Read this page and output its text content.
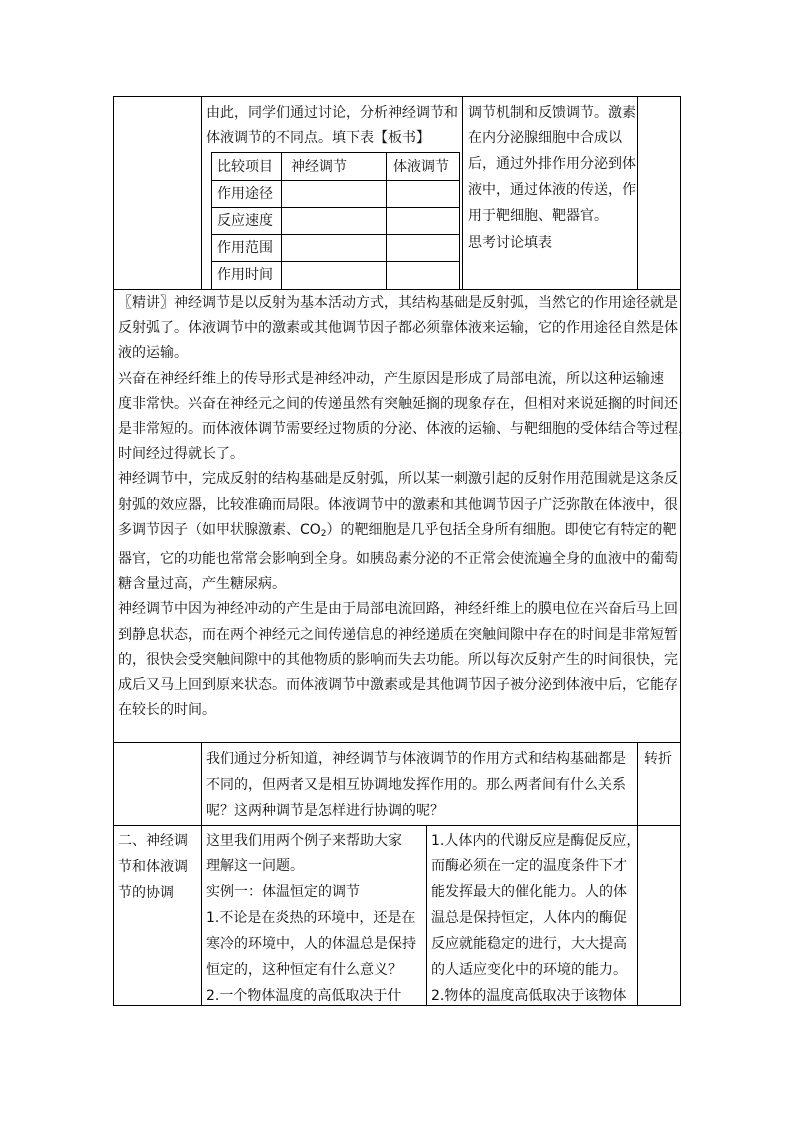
由此，同学们通过讨论，分析神经调节和
体液调节的不同点。填下表【板书】
比较项目 神经调节	体液调节
作用途径
反应速度
作用范围
作用时间
调节机制和反馈调节。激素
在内分泌腺细胞中合成以
后，通过外排作用分泌到体
液中，通过体液的传送，作
用于靶细胞、靶器官。
思考讨论填表

〖精讲〗神经调节是以反射为基本活动方式，其结构基础是反射弧，当然它的作用途径就是

反射弧了。体液调节中的激素或其他调节因子都必须靠体液来运输，它的作用途径自然是体

液的运输。

兴奋在神经纤维上的传导形式是神经冲动，产生原因是形成了局部电流，所以这种运输速

度非常快。兴奋在神经元之间的传递虽然有突触延搁的现象存在，但相对来说延搁的时间还

是非常短的。而体液体调节需要经过物质的分泌、体液的运输、与靶细胞的受体结合等过程，

时间经过得就长了。

神经调节中，完成反射的结构基础是反射弧，所以某一刺激引起的反射作用范围就是这条反

射弧的效应器，比较准确而局限。体液调节中的激素和其他调节因子广泛弥散在体液中，很

多调节因子（如甲状腺激素、$CO_2$）的靶细胞是几乎包括全身所有细胞。即使它有特定的靶

器官，它的功能也常常会影响到全身。如胰岛素分泌的不正常会使流遍全身的血液中的葡萄

糖含量过高，产生糖尿病。

神经调节中因为神经冲动的产生是由于局部电流回路，神经纤维上的膜电位在兴奋后马上回

到静息状态，而在两个神经元之间传递信息的神经递质在突触间隙中存在的时间是非常短暂

的，很快会受突触间隙中的其他物质的影响而失去功能。所以每次反射产生的时间很快，完

成后又马上回到原来状态。而体液调节中激素或是其他调节因子被分泌到体液中后，它能存

在较长的时间。

我们通过分析知道，神经调节与体液调节的作用方式和结构基础都是
不同的，但两者又是相互协调地发挥作用的。那么两者间有什么关系
呢？这两种调节是怎样进行协调的呢？
转折
二、神经调
节和体液调
节的协调
这里我们用两个例子来帮助大家
理解这一问题。
实例一：体温恒定的调节
1.不论是在炎热的环境中，还是在
寒冷的环境中，人的体温总是保持
恒定的，这种恒定有什么意义？
2.一个物体温度的高低取决于什
1.人体内的代谢反应是酶促反应，
而酶必须在一定的温度条件下才
能发挥最大的催化能力。人的体
温总是保持恒定，人体内的酶促
反应就能稳定的进行，大大提高
的人适应变化中的环境的能力。
2.物体的温度高低取决于该物体
